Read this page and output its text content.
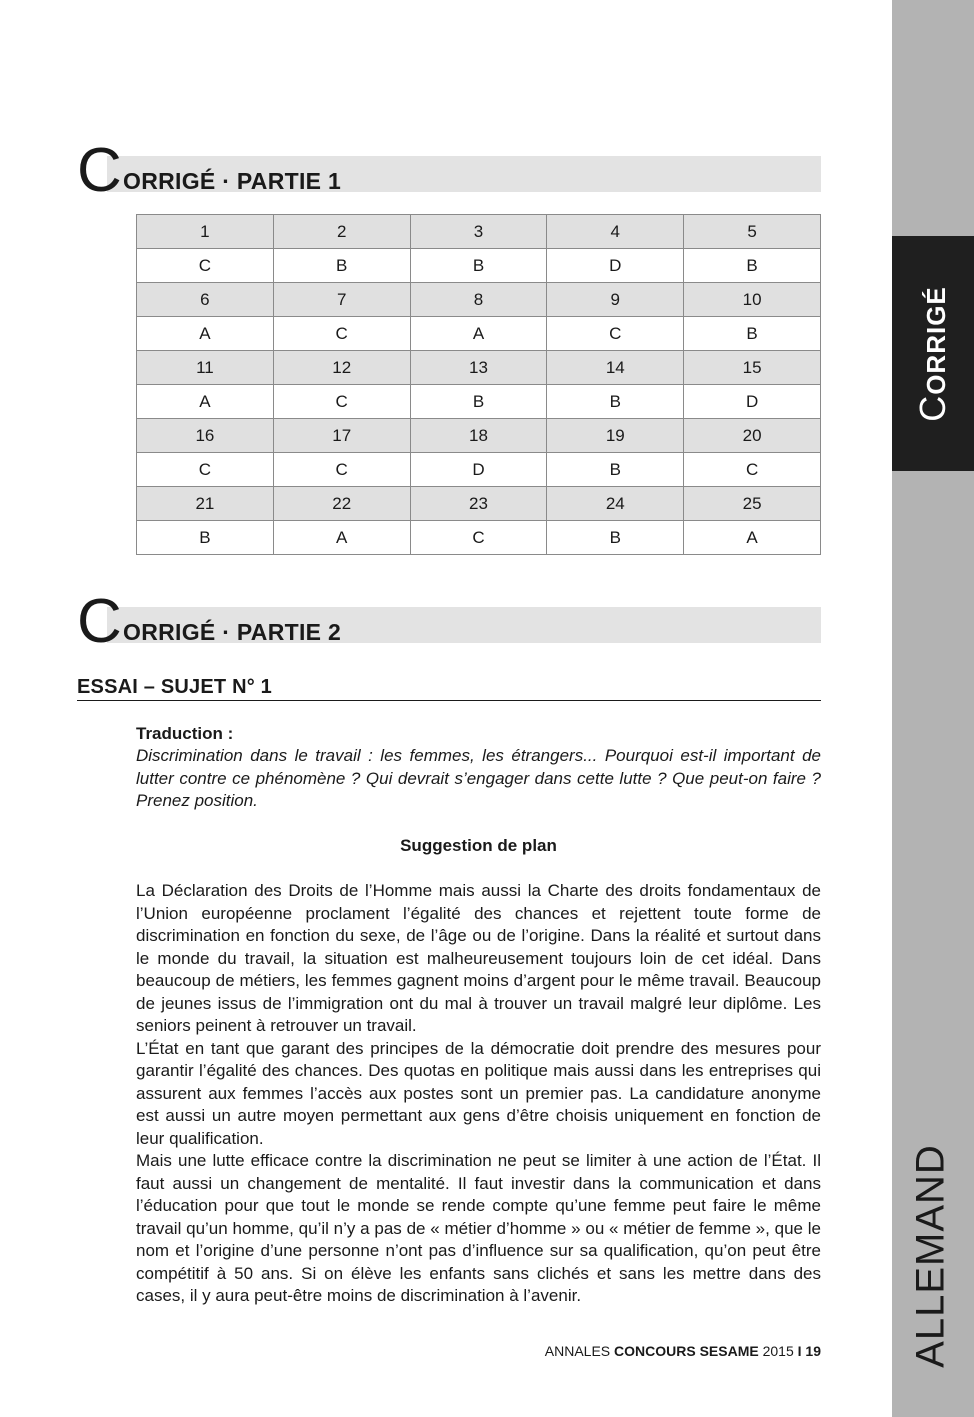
CORRIGÉ
ALLEMAND
C ORRIGÉ · PARTIE 1
1	2	3	4	5
C	B	B	D	B
6	7	8	9	10
A	C	A	C	B
11	12	13	14	15
A	C	B	B	D
16	17	18	19	20
C	C	D	B	C
21	22	23	24	25
B	A	C	B	A
C ORRIGÉ · PARTIE 2
ESSAI – SUJET N° 1
Traduction :
Discrimination dans le travail : les femmes, les étrangers... Pourquoi est-il important de lutter contre ce phénomène ? Qui devrait s’engager dans cette lutte ? Que peut-on faire ? Prenez position.
Suggestion de plan

La Déclaration des Droits de l’Homme mais aussi la Charte des droits fondamentaux de l’Union européenne proclament l’égalité des chances et rejettent toute forme de discrimination en fonction du sexe, de l’âge ou de l’origine. Dans la réalité et surtout dans le monde du travail, la situation est malheureusement toujours loin de cet idéal. Dans beaucoup de métiers, les femmes gagnent moins d’argent pour le même travail. Beaucoup de jeunes issus de l’immigration ont du mal à trouver un travail malgré leur diplôme. Les seniors peinent à retrouver un travail.

L’État en tant que garant des principes de la démocratie doit prendre des mesures pour garantir l’égalité des chances. Des quotas en politique mais aussi dans les entreprises qui assurent aux femmes l’accès aux postes sont un premier pas. La candidature anonyme est aussi un autre moyen permettant aux gens d’être choisis uniquement en fonction de leur qualification.

Mais une lutte efficace contre la discrimination ne peut se limiter à une action de l’État. Il faut aussi un changement de mentalité. Il faut investir dans la communication et dans l’éducation pour que tout le monde se rende compte qu’une femme peut faire le même travail qu’un homme, qu’il n’y a pas de « métier d’homme » ou « métier de femme », que le nom et l’origine d’une personne n’ont pas d’influence sur sa qualification, qu’on peut être compétitif à 50 ans. Si on élève les enfants sans clichés et sans les mettre dans des cases, il y aura peut-être moins de discrimination à l’avenir.

ANNALES CONCOURS SESAME 2015 I 19
